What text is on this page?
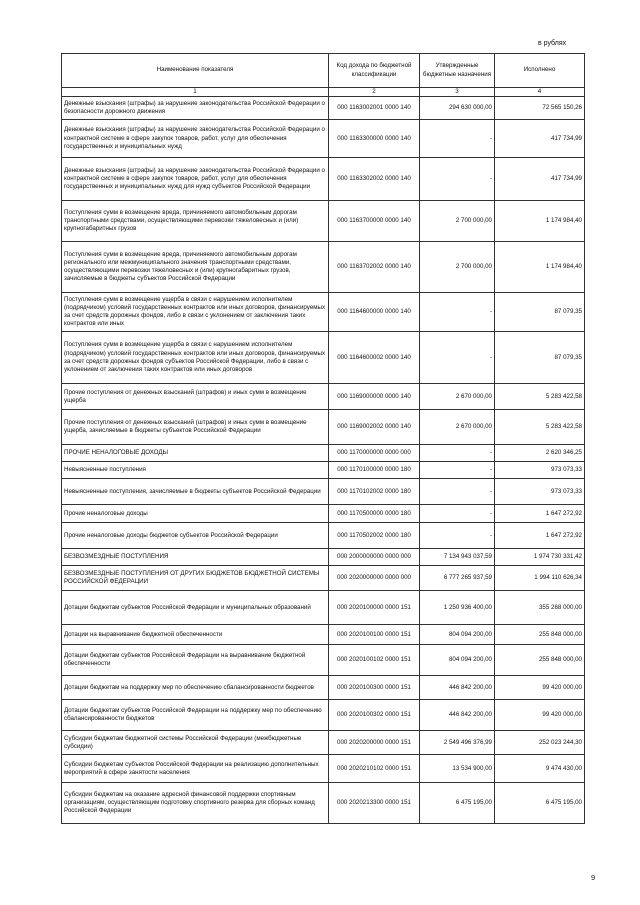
в рублях
Наименование показателя	Код дохода по бюджетной классификации	Утвержденные бюджетные назначения	Исполнено
1	2	3	4
Денежные взыскания (штрафы) за нарушение законодательства Российской Федерации о безопасности дорожного движения	000 1163002001 0000 140	294 630 000,00	72 565 150,26
Денежные взыскания (штрафы) за нарушение законодательства Российской Федерации о контрактной системе в сфере закупок товаров, работ, услуг для обеспечения государственных и муниципальных нужд	000 1163300000 0000 140	-	417 734,99
Денежные взыскания (штрафы) за нарушение законодательства Российской Федерации о контрактной системе в сфере закупок товаров, работ, услуг для обеспечения государственных и муниципальных нужд для нужд субъектов Российской Федерации	000 1163302002 0000 140	-	417 734,99
Поступления сумм в возмещение вреда, причиняемого автомобильным дорогам транспортными средствами, осуществляющими перевозки тяжеловесных и (или) крупногабаритных грузов	000 1163700000 0000 140	2 700 000,00	1 174 984,40
Поступления сумм в возмещение вреда, причиняемого автомобильным дорогам регионального или межмуниципального значения транспортными средствами, осуществляющими перевозки тяжеловесных и (или) крупногабаритных грузов, зачисляемые в бюджеты субъектов Российской Федерации	000 1163702002 0000 140	2 700 000,00	1 174 984,40
Поступления сумм в возмещение ущерба в связи с нарушением исполнителем (подрядчиком) условий государственных контрактов или иных договоров, финансируемых за счет средств дорожных фондов, либо в связи с уклонением от заключения таких контрактов или иных	000 1164600000 0000 140	-	87 079,35
Поступления сумм в возмещение ущерба в связи с нарушением исполнителем (подрядчиком) условий государственных контрактов или иных договоров, финансируемых за счет средств дорожных фондов субъектов Российской Федерации, либо в связи с уклонением от заключения таких контрактов или иных договоров	000 1164600002 0000 140	-	87 079,35
Прочие поступления от денежных взысканий (штрафов) и иных сумм в возмещение ущерба	000 1169000000 0000 140	2 670 000,00	5 283 422,58
Прочие поступления от денежных взысканий (штрафов) и иных сумм в возмещение ущерба, зачисляемые в бюджеты субъектов Российской Федерации	000 1169002002 0000 140	2 670 000,00	5 283 422,58
ПРОЧИЕ НЕНАЛОГОВЫЕ ДОХОДЫ	000 1170000000 0000 000	-	2 620 346,25
Невыясненные поступления	000 1170100000 0000 180	-	973 073,33
Невыясненные поступления, зачисляемые в бюджеты субъектов Российской Федерации	000 1170102002 0000 180	-	973 073,33
Прочие неналоговые доходы	000 1170500000 0000 180	-	1 647 272,92
Прочие неналоговые доходы бюджетов субъектов Российской Федерации	000 1170502002 0000 180	-	1 647 272,92
БЕЗВОЗМЕЗДНЫЕ ПОСТУПЛЕНИЯ	000 2000000000 0000 000	7 134 943 037,59	1 974 730 331,42
БЕЗВОЗМЕЗДНЫЕ ПОСТУПЛЕНИЯ ОТ ДРУГИХ БЮДЖЕТОВ БЮДЖЕТНОЙ СИСТЕМЫ РОССИЙСКОЙ ФЕДЕРАЦИИ	000 2020000000 0000 000	6 777 265 937,59	1 994 110 626,34
Дотации бюджетам субъектов Российской Федерации и муниципальных образований	000 2020100000 0000 151	1 250 936 400,00	355 268 000,00
Дотации на выравнивание бюджетной обеспеченности	000 2020100100 0000 151	804 094 200,00	255 848 000,00
Дотации бюджетам субъектов Российской Федерации на выравнивание бюджетной обеспеченности	000 2020100102 0000 151	804 094 200,00	255 848 000,00
Дотации бюджетам на поддержку мер по обеспечению сбалансированности бюджетов	000 2020100300 0000 151	446 842 200,00	99 420 000,00
Дотации бюджетам субъектов Российской Федерации на поддержку мер по обеспечению сбалансированности бюджетов	000 2020100302 0000 151	446 842 200,00	99 420 000,00
Субсидии бюджетам бюджетной системы Российской Федерации (межбюджетные субсидии)	000 2020200000 0000 151	2 549 496 376,99	252 023 244,30
Субсидии бюджетам субъектов Российской Федерации на реализацию дополнительных мероприятий в сфере занятости населения	000 2020210102 0000 151	13 534 900,00	9 474 430,00
Субсидии бюджетам на оказание адресной финансовой поддержки спортивным организациям, осуществляющим подготовку спортивного резерва для сборных команд Российской Федерации	000 2020213300 0000 151	6 475 195,00	6 475 195,00
9
